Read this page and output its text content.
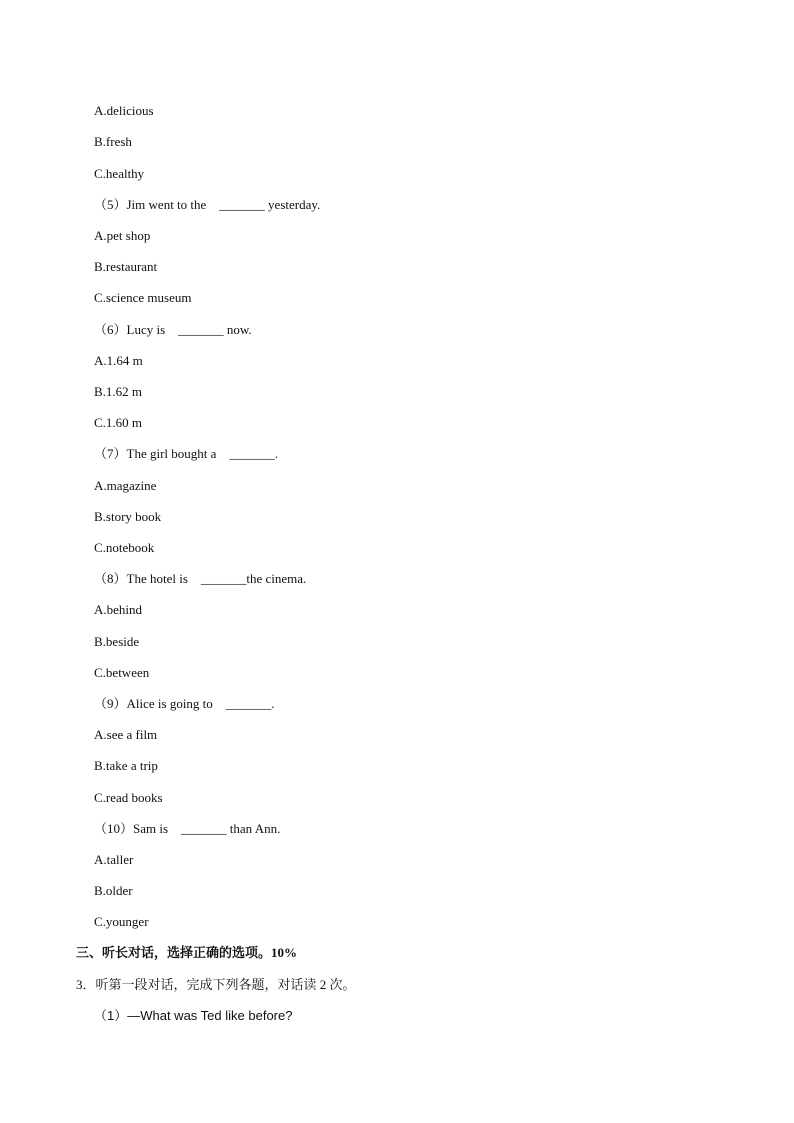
A.delicious
B.fresh
C.healthy
（5）Jim went to the    _______ yesterday.
A.pet shop
B.restaurant
C.science museum
（6）Lucy is    _______ now.
A.1.64 m
B.1.62 m
C.1.60 m
（7）The girl bought a    _______.
A.magazine
B.story book
C.notebook
（8）The hotel is    _______the cinema.
A.behind
B.beside
C.between
（9）Alice is going to    _______.
A.see a film
B.take a trip
C.read books
（10）Sam is    _______ than Ann.
A.taller
B.older
C.younger
三、听长对话，选择正确的选项。10%
3．听第一段对话，完成下列各题，对话读 2 次。
（1）—What was Ted like before?
